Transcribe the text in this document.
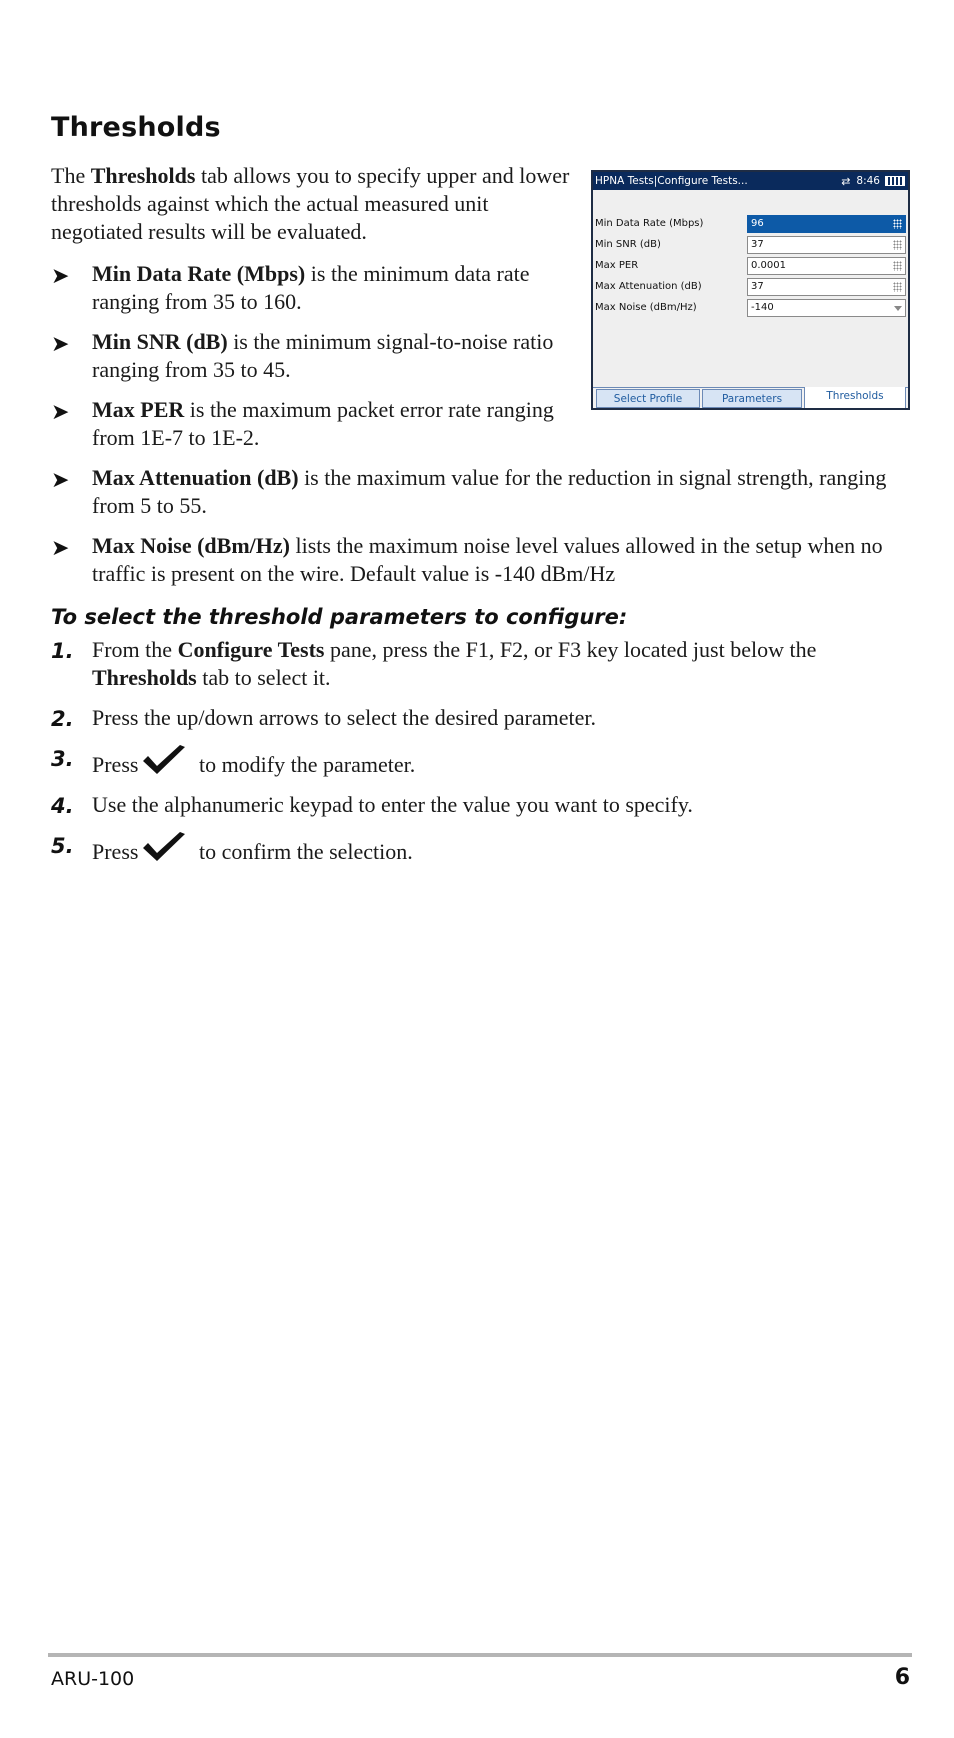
Thresholds

The Thresholds tab allows you to specify upper and lower thresholds against which the actual measured unit negotiated results will be evaluated.

HPNA Tests|Configure Tests...	⇄ 8:46
Min Data Rate (Mbps)	96
Min SNR (dB)	37
Max PER	0.0001
Max Attenuation (dB)	37
Max Noise (dBm/Hz)	-140
Select Profile	Parameters	Thresholds
➤ Min Data Rate (Mbps) is the minimum data rate ranging from 35 to 160.
➤ Min SNR (dB) is the minimum signal-to-noise ratio ranging from 35 to 45.
➤ Max PER is the maximum packet error rate ranging from 1E-7 to 1E-2.
➤ Max Attenuation (dB) is the maximum value for the reduction in signal strength, ranging from 5 to 55.
➤ Max Noise (dBm/Hz) lists the maximum noise level values allowed in the setup when no traffic is present on the wire. Default value is -140 dBm/Hz
To select the threshold parameters to configure:
1. From the Configure Tests pane, press the F1, F2, or F3 key located just below the Thresholds tab to select it.
2. Press the up/down arrows to select the desired parameter.
3. Press	to modify the parameter.
4. Use the alphanumeric keypad to enter the value you want to specify.
5. Press	to confirm the selection.
ARU-100	6
